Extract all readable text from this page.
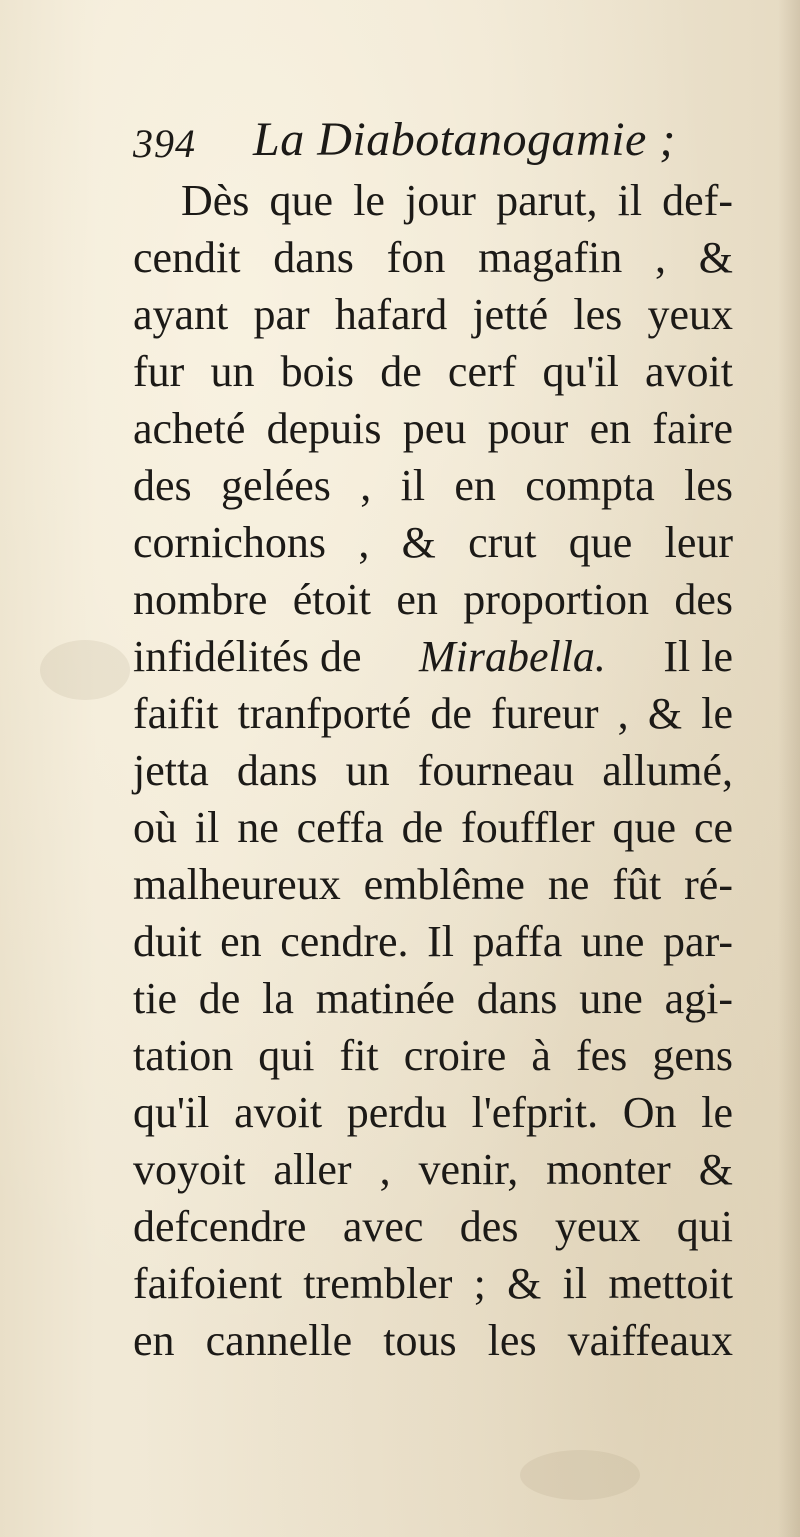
394 La Diabotanogamie ;
Dès que le jour parut, il def-
cendit dans fon magafin , &
ayant par hafard jetté les yeux
fur un bois de cerf qu'il avoit
acheté depuis peu pour en faire
des gelées , il en compta les
cornichons , & crut que leur
nombre étoit en proportion des
infidélités de Mirabella. Il le
faifit tranfporté de fureur , & le
jetta dans un fourneau allumé,
où il ne ceffa de fouffler que ce
malheureux emblême ne fût ré-
duit en cendre. Il paffa une par-
tie de la matinée dans une agi-
tation qui fit croire à fes gens
qu'il avoit perdu l'efprit. On le
voyoit aller , venir, monter &
defcendre avec des yeux qui
faifoient trembler ; & il mettoit
en cannelle tous les vaiffeaux
